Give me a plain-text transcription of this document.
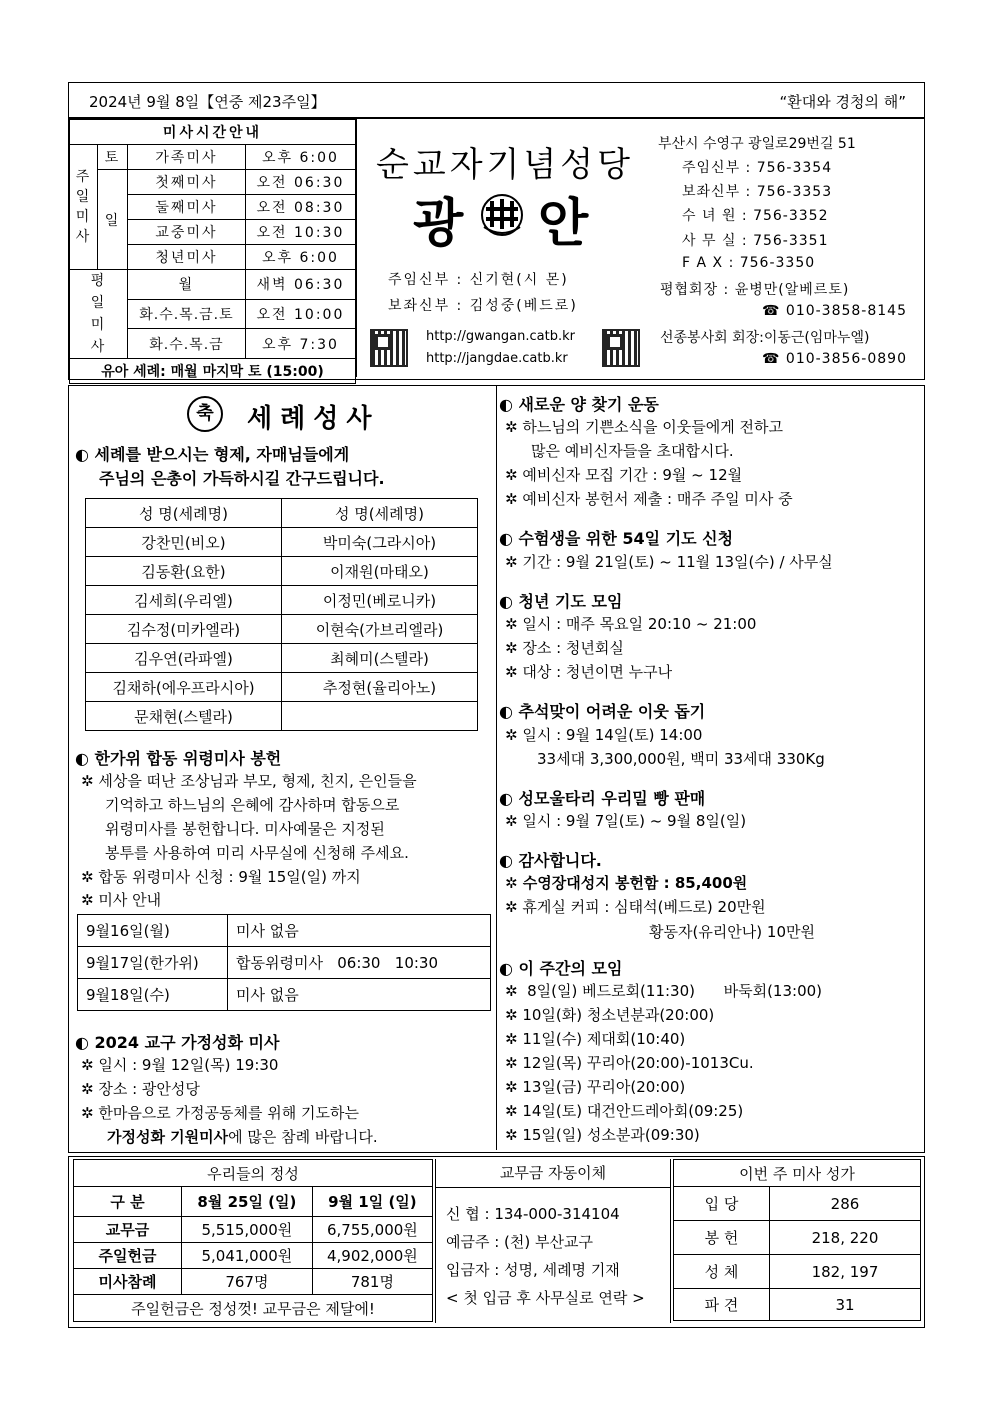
2024년 9월 8일【연중 제23주일】	“환대와 경청의 해”
미사시간안내			
주일미사	토	가족미사	오후 6:00
	일	첫째미사	오전 06:30
		둘째미사	오전 08:30
		교중미사	오전 10:30
		청년미사	오후 6:00
평일미사		월	새벽 06:30
		화.수.목.금.토	오전 10:00
		화.수.목.금	오후 7:30
유아 세례: 매월 마지막 토 (15:00)			
순교자기념성당
광 안
주임신부 : 신기현(시 몬)
보좌신부 : 김성중(베드로)
http://gwangan.catb.kr
http://jangdae.catb.kr
부산시 수영구 광일로29번길 51
주임신부 : 756-3354
보좌신부 : 756-3353
수 녀 원 : 756-3352
사 무 실 : 756-3351
F A X : 756-3350
평협회장 : 윤병만(알베르토)
☎ 010-3858-8145
선종봉사회 회장:이동근(임마누엘)
☎ 010-3856-0890
축	세례성사
◐ 세례를 받으시는 형제, 자매님들에게
주님의 은총이 가득하시길 간구드립니다.
성 명(세례명)	성 명(세례명)
강찬민(비오)	박미숙(그라시아)
김동환(요한)	이재원(마태오)
김세희(우리엘)	이정민(베로니카)
김수정(미카엘라)	이현숙(가브리엘라)
김우연(라파엘)	최혜미(스텔라)
김채하(에우프라시아)	추정현(율리아노)
문채현(스텔라)	
◐ 한가위 합동 위령미사 봉헌
✲ 세상을 떠난 조상님과 부모, 형제, 친지, 은인들을
기억하고 하느님의 은혜에 감사하며 합동으로
위령미사를 봉헌합니다. 미사예물은 지정된
봉투를 사용하여 미리 사무실에 신청해 주세요.
✲ 합동 위령미사 신청 : 9월 15일(일) 까지
✲ 미사 안내
9월16일(월)	미사 없음
9월17일(한가위)	합동위령미사   06:30   10:30
9월18일(수)	미사 없음
◐ 2024 교구 가정성화 미사
✲ 일시 : 9월 12일(목) 19:30
✲ 장소 : 광안성당
✲ 한마음으로 가정공동체를 위해 기도하는
가정성화 기원미사에 많은 참례 바랍니다.
◐ 새로운 양 찾기 운동
✲ 하느님의 기쁜소식을 이웃들에게 전하고
많은 예비신자들을 초대합시다.
✲ 예비신자 모집 기간 : 9월 ~ 12월
✲ 예비신자 봉헌서 제출 : 매주 주일 미사 중
◐ 수험생을 위한 54일 기도 신청
✲ 기간 : 9월 21일(토) ~ 11월 13일(수) / 사무실
◐ 청년 기도 모임
✲ 일시 : 매주 목요일 20:10 ~ 21:00
✲ 장소 : 청년회실
✲ 대상 : 청년이면 누구나
◐ 추석맞이 어려운 이웃 돕기
✲ 일시 : 9월 14일(토) 14:00
33세대 3,300,000원, 백미 33세대 330Kg
◐ 성모울타리 우리밀 빵 판매
✲ 일시 : 9월 7일(토) ~ 9월 8일(일)
◐ 감사합니다.
✲ 수영장대성지 봉헌함 : 85,400원
✲ 휴게실 커피 : 심태석(베드로) 20만원
황동자(유리안나) 10만원
◐ 이 주간의 모임
✲  8일(일) 베드로회(11:30)      바둑회(13:00)
✲ 10일(화) 청소년분과(20:00)
✲ 11일(수) 제대회(10:40)
✲ 12일(목) 꾸리아(20:00)-1013Cu.
✲ 13일(금) 꾸리아(20:00)
✲ 14일(토) 대건안드레아회(09:25)
✲ 15일(일) 성소분과(09:30)
우리들의 정성		
구 분	8월 25일 (일)	9월 1일 (일)
교무금	5,515,000원	6,755,000원
주일헌금	5,041,000원	4,902,000원
미사참례	767명	781명
주일헌금은 정성껏! 교무금은 제달에!		
교무금 자동이체
신 협 : 134-000-314104
예금주 : (천) 부산교구
입금자 : 성명, 세례명 기재
< 첫 입금 후 사무실로 연락 >
이번 주 미사 성가	
입 당	286
봉 헌	218, 220
성 체	182, 197
파 견	31
